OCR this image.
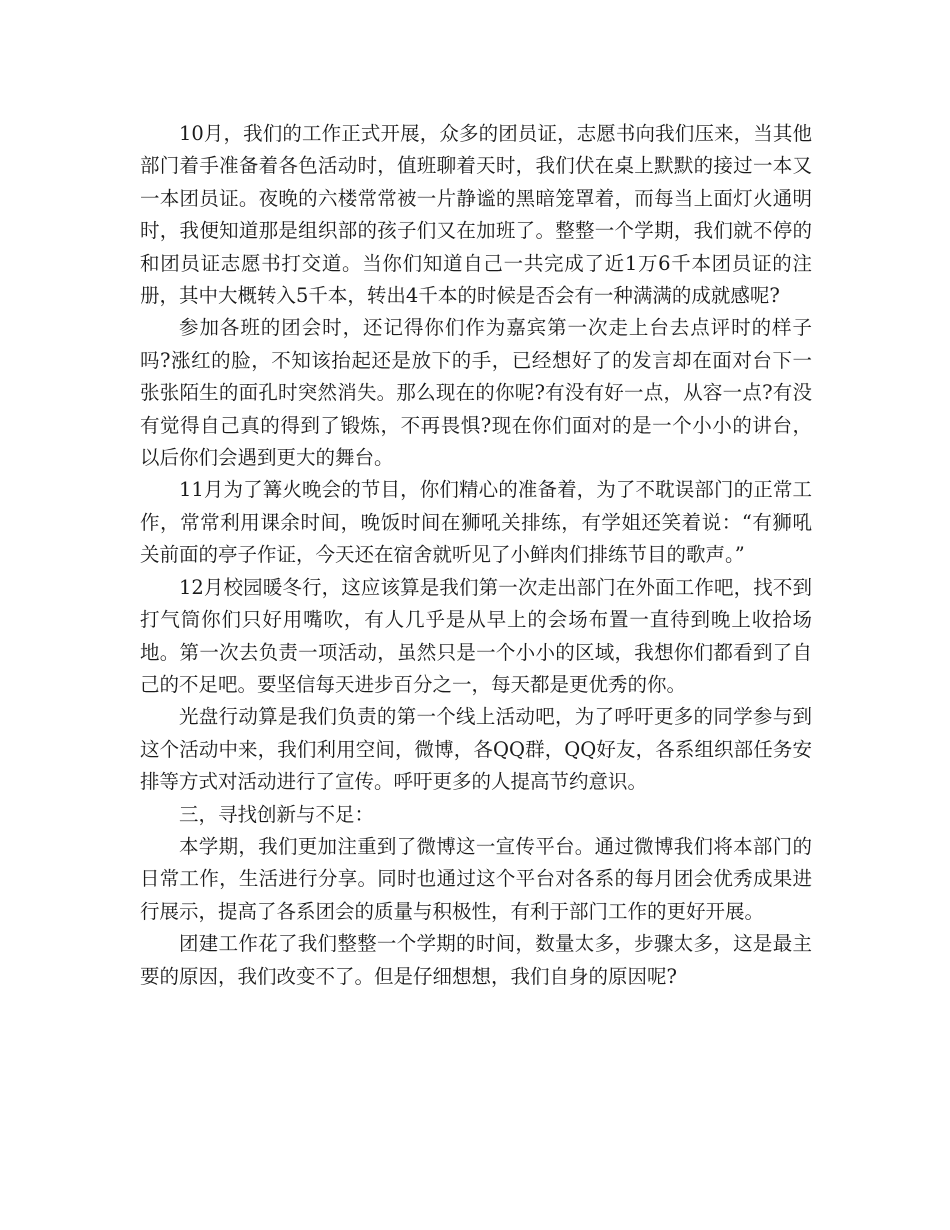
10月，我们的工作正式开展，众多的团员证，志愿书向我们压来，当其他部门着手准备着各色活动时，值班聊着天时，我们伏在桌上默默的接过一本又一本团员证。夜晚的六楼常常被一片静谧的黑暗笼罩着，而每当上面灯火通明时，我便知道那是组织部的孩子们又在加班了。整整一个学期，我们就不停的和团员证志愿书打交道。当你们知道自己一共完成了近1万6千本团员证的注册，其中大概转入5千本，转出4千本的时候是否会有一种满满的成就感呢?

参加各班的团会时，还记得你们作为嘉宾第一次走上台去点评时的样子吗?涨红的脸，不知该抬起还是放下的手，已经想好了的发言却在面对台下一张张陌生的面孔时突然消失。那么现在的你呢?有没有好一点，从容一点?有没有觉得自己真的得到了锻炼，不再畏惧?现在你们面对的是一个小小的讲台，以后你们会遇到更大的舞台。

11月为了篝火晚会的节目，你们精心的准备着，为了不耽误部门的正常工作，常常利用课余时间，晚饭时间在狮吼关排练，有学姐还笑着说：“有狮吼关前面的亭子作证，今天还在宿舍就听见了小鲜肉们排练节目的歌声。”

12月校园暖冬行，这应该算是我们第一次走出部门在外面工作吧，找不到打气筒你们只好用嘴吹，有人几乎是从早上的会场布置一直待到晚上收拾场地。第一次去负责一项活动，虽然只是一个小小的区域，我想你们都看到了自己的不足吧。要坚信每天进步百分之一，每天都是更优秀的你。

光盘行动算是我们负责的第一个线上活动吧，为了呼吁更多的同学参与到这个活动中来，我们利用空间，微博，各QQ群，QQ好友，各系组织部任务安排等方式对活动进行了宣传。呼吁更多的人提高节约意识。

三，寻找创新与不足：

本学期，我们更加注重到了微博这一宣传平台。通过微博我们将本部门的日常工作，生活进行分享。同时也通过这个平台对各系的每月团会优秀成果进行展示，提高了各系团会的质量与积极性，有利于部门工作的更好开展。

团建工作花了我们整整一个学期的时间，数量太多，步骤太多，这是最主要的原因，我们改变不了。但是仔细想想，我们自身的原因呢?
